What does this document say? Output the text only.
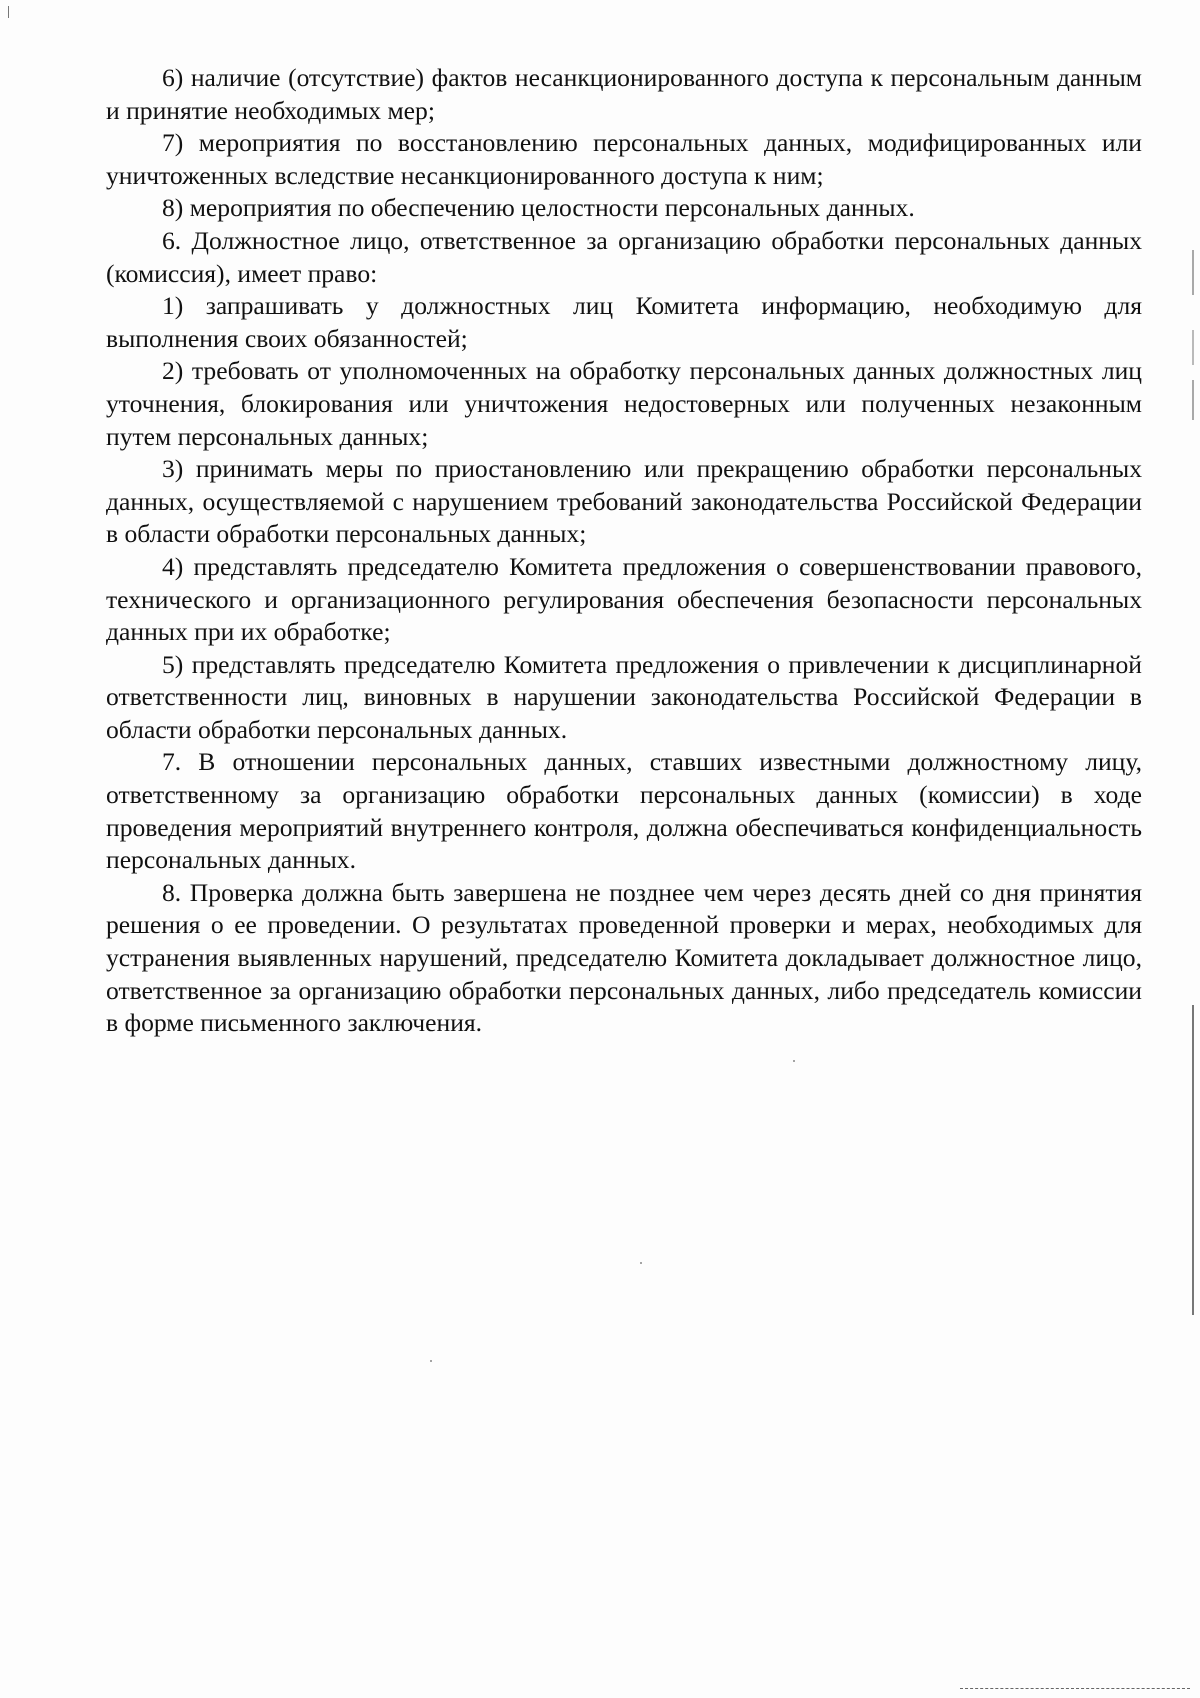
6) наличие (отсутствие) фактов несанкционированного доступа к персональным данным и принятие необходимых мер;

7) мероприятия по восстановлению персональных данных, модифицированных или уничтоженных вследствие несанкционированного доступа к ним;

8) мероприятия по обеспечению целостности персональных данных.

6. Должностное лицо, ответственное за организацию обработки персональных данных (комиссия), имеет право:

1) запрашивать у должностных лиц Комитета информацию, необходимую для выполнения своих обязанностей;

2) требовать от уполномоченных на обработку персональных данных должностных лиц уточнения, блокирования или уничтожения недостоверных или полученных незаконным путем персональных данных;

3) принимать меры по приостановлению или прекращению обработки персональных данных, осуществляемой с нарушением требований законодательства Российской Федерации в области обработки персональных данных;

4) представлять председателю Комитета предложения о совершенствовании правового, технического и организационного регулирования обеспечения безопасности персональных данных при их обработке;

5) представлять председателю Комитета предложения о привлечении к дисциплинарной ответственности лиц, виновных в нарушении законодательства Российской Федерации в области обработки персональных данных.

7. В отношении персональных данных, ставших известными должностному лицу, ответственному за организацию обработки персональных данных (комиссии) в ходе проведения мероприятий внутреннего контроля, должна обеспечиваться конфиденциальность персональных данных.

8. Проверка должна быть завершена не позднее чем через десять дней со дня принятия решения о ее проведении. О результатах проведенной проверки и мерах, необходимых для устранения выявленных нарушений, председателю Комитета докладывает должностное лицо, ответственное за организацию обработки персональных данных, либо председатель комиссии в форме письменного заключения.
